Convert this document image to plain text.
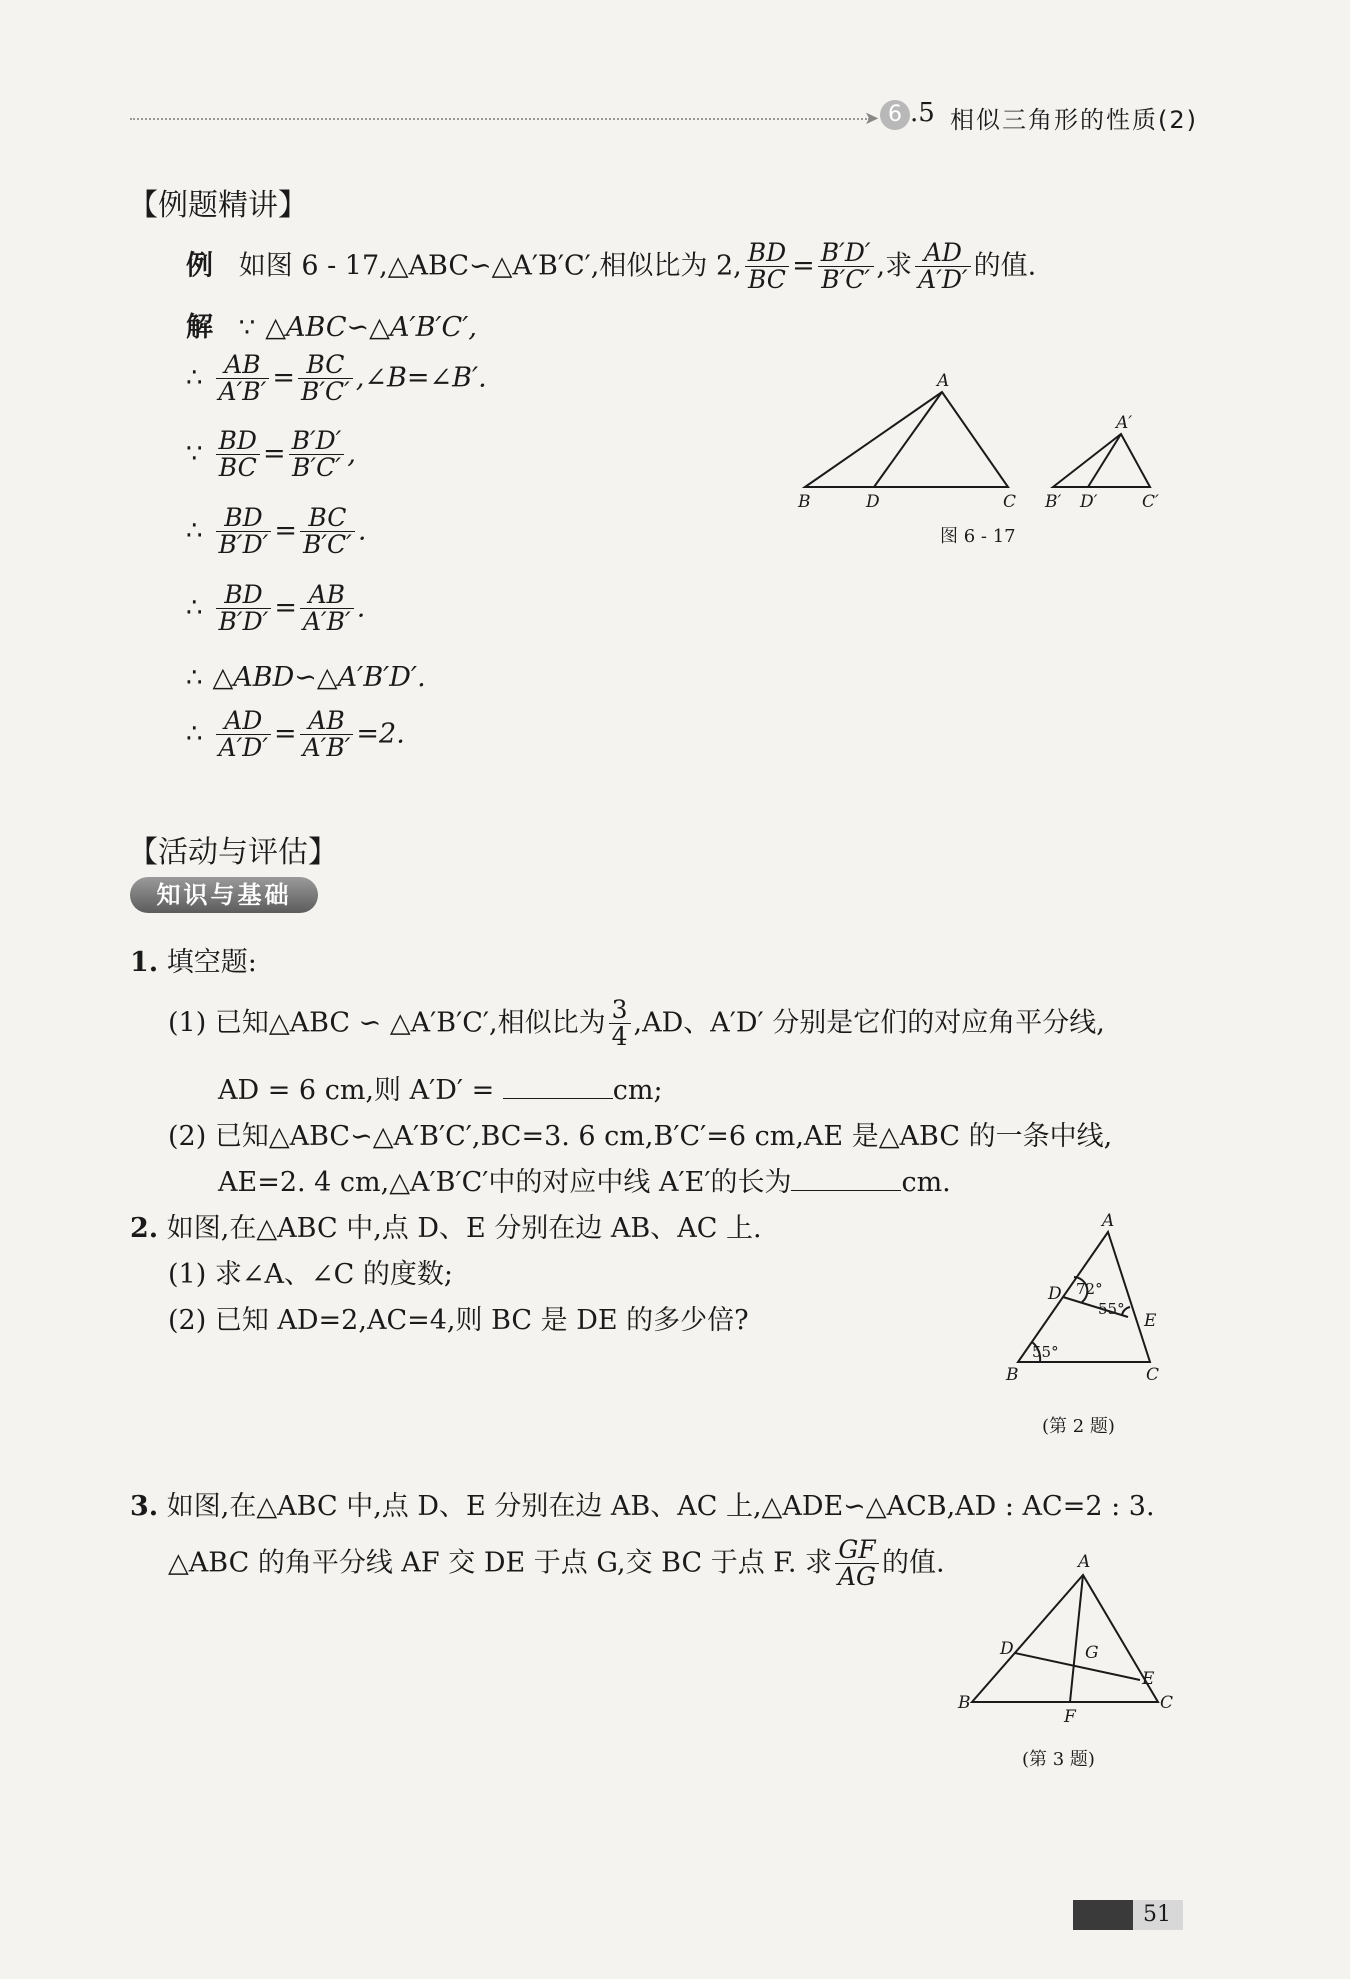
➤ 6 .5 相似三角形的性质(2)
【例题精讲】
例 如图 6 - 17,△ABC∽△A′B′C′,相似比为 2, $\frac{BD}{BC} = \frac{B'D'}{B'C'}$ ,求 $\frac{AD}{A'D'}$ 的值.
解 ∵ △ABC∽△A′B′C′,
∴ $\frac{AB}{A'B'} = \frac{BC}{B'C'}$ ,∠B=∠B′.
∵ $\frac{BD}{BC} = \frac{B'D'}{B'C'}$ ,
∴ $\frac{BD}{B'D'} = \frac{BC}{B'C'}$ .
∴ $\frac{BD}{B'D'} = \frac{AB}{A'B'}$ .
∴ △ABD∽△A′B′D′.
∴ $\frac{AD}{A'D'} = \frac{AB}{A'B'} =2$.
A
B	D	C
A′
B′ D′	C′
图 6 - 17
【活动与评估】
知识与基础
1. 填空题:
(1) 已知△ABC ∽ △A′B′C′,相似比为 $\frac{3}{4} ,AD$、A′D′ 分别是它们的对应角平分线,
AD = 6 cm,则 A′D′ =	cm;
(2) 已知△ABC∽△A′B′C′,BC=3. 6 cm,B′C′=6 cm,AE 是△ABC 的一条中线,
AE=2. 4 cm,△A′B′C′中的对应中线 A′E′的长为	cm.
2. 如图,在△ABC 中,点 D、E 分别在边 AB、AC 上.
(1) 求∠A、∠C 的度数;
(2) 已知 AD=2,AC=4,则 BC 是 DE 的多少倍?
A
B	C
D
E
72°
55°
55°
(第 2 题)
3. 如图,在△ABC 中,点 D、E 分别在边 AB、AC 上,△ADE∽△ACB,AD : AC=2 : 3.
△ABC 的角平分线 AF 交 DE 于点 G,交 BC 于点 F. 求 $\frac{GF}{AG}$ 的值.	A
B	C
D
E
F
G
(第 3 题)
51
